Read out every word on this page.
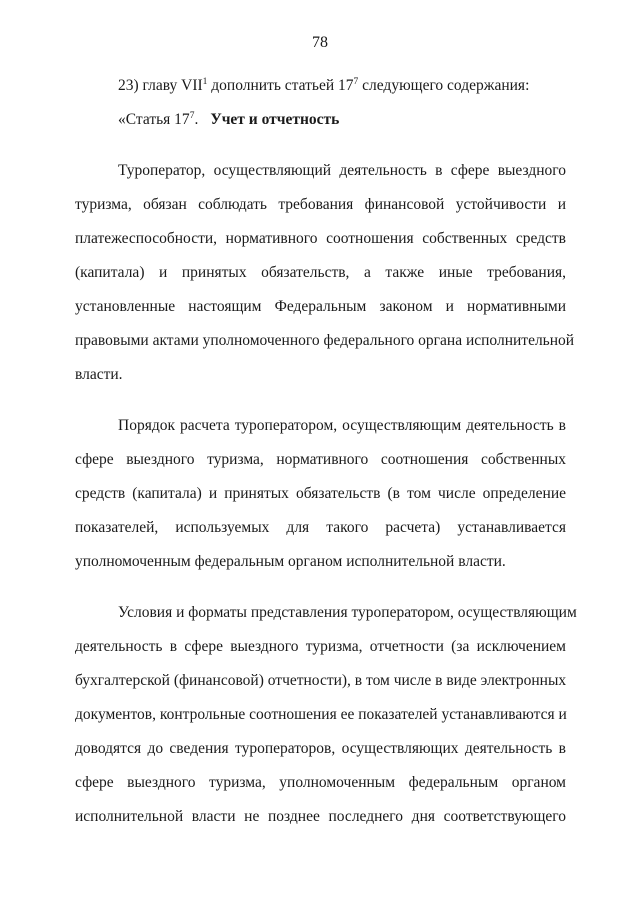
78
23) главу VII$^1$ дополнить статьей $17^7$ следующего содержания:
«Статья $17^7$. Учет и отчетность
Туроператор, осуществляющий деятельность в сфере выездного
туризма, обязан соблюдать требования финансовой устойчивости и
платежеспособности, нормативного соотношения собственных средств
(капитала) и принятых обязательств, а также иные требования,
установленные настоящим Федеральным законом и нормативными
правовыми актами уполномоченного федерального органа исполнительной
власти.
Порядок расчета туроператором, осуществляющим деятельность в
сфере выездного туризма, нормативного соотношения собственных
средств (капитала) и принятых обязательств (в том числе определение
показателей, используемых для такого расчета) устанавливается
уполномоченным федеральным органом исполнительной власти.
Условия и форматы представления туроператором, осуществляющим
деятельность в сфере выездного туризма, отчетности (за исключением
бухгалтерской (финансовой) отчетности), в том числе в виде электронных
документов, контрольные соотношения ее показателей устанавливаются и
доводятся до сведения туроператоров, осуществляющих деятельность в
сфере выездного туризма, уполномоченным федеральным органом
исполнительной власти не позднее последнего дня соответствующего
